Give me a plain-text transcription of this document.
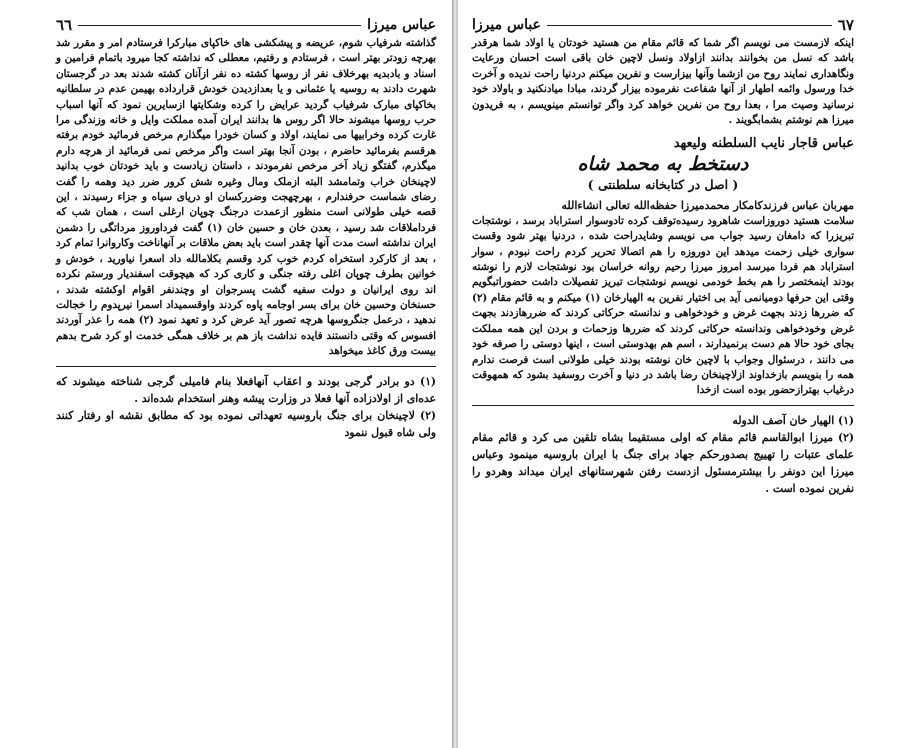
٦٦	عباس میرزا

گذاشته شرفیاب شوم، عریضه و پیشکشی های خاکپای مبارکرا فرستادم امر و مقرر شد بهرچه زودتر بهتر است ، فرستادم و رفتیم، معطلی که نداشته کجا میرود باتمام فرامین و اسناد و بادبدیه بهرخلاف نفر از روسها کشته ده نفر ازآنان کشته شدند بعد در گرجستان شهرت دادند به روسیه یا عثمانی و یا بعدازدیدن خودش قرارداده بهیمن عدم در سلطانیه بخاکپای مبارک شرفیاب گردید عرایض را کرده وشکایتها ازسایرین نمود که آنها اسباب حرب روسها میشوند حالا اگر روس ها بدانند ایران آمده مملکت وایل و خانه وزندگی مرا غارت کرده وخرابیها می نمایند، اولاد و کسان خودرا میگذارم مرخص فرمائید خودم برفته هرقسم بفرمائید حاضرم ، بودن آنجا بهتر است واگر مرخص نمی فرمائید از هرچه دارم میگذرم، گفتگو زیاد آخر مرخص نفرمودند ، داستان زیادست و باید خودتان خوب بدانید لاچینخان خراب وتمامشد البته ازملک ومال وغیره شش کرور ضرر دید وهمه را گفت رضای شماست حرفندارم ، بهرچهجت وضررکسان او دریای سیاه و جزاء رسیدند ، این قصه خیلی طولانی است منظور ازعمدت درجنگ چوپان ارغلی است ، همان شب که فرداملاقات شد رسید ، بعدن خان و حسین خان (۱) گفت فرداوروز مرداتگی را دشمن ایران نداشته است مدت آنها چقدر است باید بعض ملاقات بر آنهاناخت وکاروانرا تمام کرد ، بعد از کارکرد استخراه کردم خوب کرد وقسم بکلامالله داد اسعرا نیاورید ، خودش و خوانین بطرف چوپان اغلی رفته جنگی و کاری کرد که هیچوقت اسفندیار ورستم نکرده اند روی ایرانیان و دولت سفیه گشت پسرجوان او وچندنفر اقوام اوکشته شدند ، حسنخان وحسین خان برای بسر اوجامه پاوه کردند واوقسمیداد اسمرا نیرپدوم را خجالت ندهید ، درعمل جنگروسها هرچه تصور آید عرض کرد و تعهد نمود (۲) همه را عذر آوردند افسوس که وقتی دانستند فایده نداشت باز هم بر خلاف همگی خدمت او کرد شرح بدهم بیست ورق کاغذ میخواهد

(۱) دو برادر گرجی بودند و اعقاب آنهافعلا بنام فامیلی گرجی شناخته میشوند که عده‌ای از اولادزاده آنها فعلا در وزارت پیشه وهنر استخدام شده‌اند .

(۲) لاچینخان برای جنگ باروسیه تعهداتی نموده بود که مطابق نقشه او رفتار کنند ولی شاه قبول ننمود

عباس میرزا	٦٧

اینکه لازمست می نویسم اگر شما که قائم مقام من هستید خودتان یا اولاد شما هرقدر باشد که نسل من بخوانند بدانند ازاولاد ونسل لاچین خان باقی است احسان ورعایت ونگاهداری نمایند روح من ازشما وآنها بیزارست و نفرین میکنم دردنیا راحت ندیده و آخرت خدا ورسول وائمه اطهار از آنها شفاعت نفرموده بیزار گردند، مبادا میادنکنید و باولاد خود نرسانید وصیت مرا ، بعدا روح من نفرین خواهد کرد واگر توانستم مینویسم ، به فریدون میرزا هم نوشتم بشمابگویند .

عباس قاجار نایب السلطنه ولیعهد
دستخط به محمد شاه
( اصل در کتابخانه سلطنتی )

مهربان عباس فرزندکامکار محمدمیرزا حفظه‌الله تعالی انشاءالله

سلامت هستید دوروزاست شاهرود رسیده‌توقف کرده تادوسوار استراباد برسد ، نوشتجات تبریزرا که دامغان رسید جواب می نویسم وشایدراحت شده ، دردنیا بهتر شود وقست سواری خیلی زحمت میدهد این دوروزه را هم اتصالا تحریر کردم راحت نبودم ، سوار استراباد هم فردا میرسد امروز میرزا رحیم روانه خراسان بود نوشتجات لازم را نوشته بودند اینمختصر را هم بخط خودمی نویسم نوشتجات تبریز تفصیلات داشت حضوراتبگویم وقتی این حرفها دومیانمی آید بی اختیار نفرین به الهیارخان (۱) میکنم و به قائم مقام (۲) که ضررها زدند بجهت غرض و خودخواهی و ندانسته حرکاتی کردند که ضررهازدند بجهت غرض وخودخواهی وندانسته حرکاتی کردند که ضررها وزحمات و بردن این همه مملکت بجای خود حالا هم دست برنمیدارند ، اسم هم بهدوستی است ، اینها دوستی را صرفه خود می دانند ، درسئوال وجواب با لاچین خان نوشته بودند خیلی طولانی است فرصت ندارم همه را بنویسم بازخداوند ازلاچینخان رضا باشد در دنیا و آخرت روسفید بشود که همهوقت درغیاب بهترازحضور بوده است ازخدا

(۱) الهیار خان آصف الدوله

(۲) میرزا ابوالقاسم قائم مقام که اولی مستقیما بشاه تلقین می کرد و قائم مقام علمای عتبات را تهییج بصدورحکم جهاد برای جنگ با ایران باروسیه مینمود وعباس میرزا این دونفر را بیشترمسئول ازدست رفتن شهرستانهای ایران میداند وهردو را نفرین نموده است .
